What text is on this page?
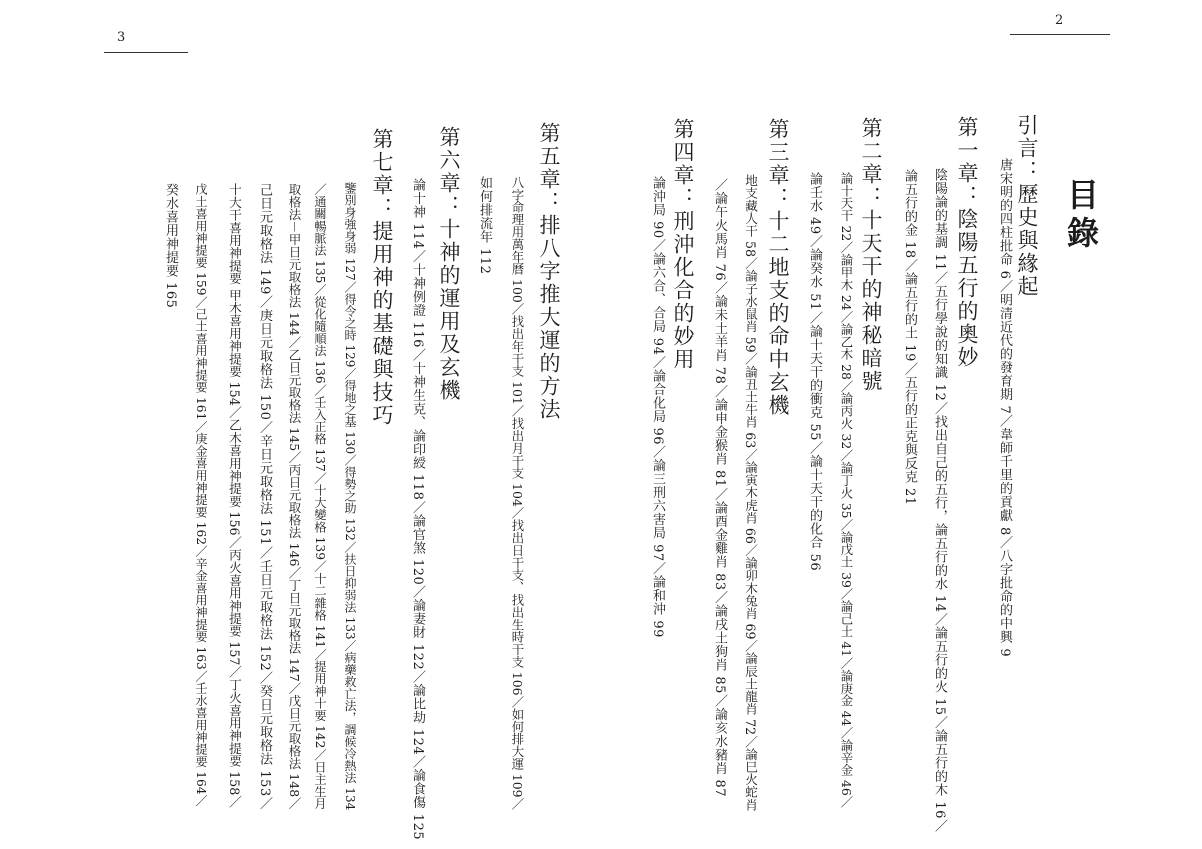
3
2
目錄
引言：歷史與緣起
唐宋明的四柱批命 6／明清近代的發育期 7／韋師千里的貢獻 8／八字批命的中興 9
第一章：陰陽五行的奧妙
陰陽論的基調 11／五行學說的知識 12／找出自己的五行，論五行的水 14／論五行的火 15／論五行的木 16／
論五行的金 18／論五行的土 19／五行的正克與反克 21
第二章：十天干的神秘暗號
論十天干 22／論甲木 24／論乙木 28／論丙火 32／論丁火 35／論戊土 39／論己土 41／論庚金 44／論辛金 46／
論壬水 49／論癸水 51／論十天干的衝克 55／論十天干的化合 56
第三章：十二地支的命中玄機
地支藏人干 58／論子水鼠肖 59／論丑土牛肖 63／論寅木虎肖 66／論卯木兔肖 69／論辰土龍肖 72／論巳火蛇肖
／論午火馬肖 76／論未土羊肖 78／論申金猴肖 81／論酉金雞肖 83／論戌土狗肖 85／論亥水豬肖 87
第四章：刑沖化合的妙用
論沖局 90／論六合、合局 94／論合化局 96／論三刑六害局 97／論和沖 99
第五章：排八字推大運的方法
八字命理用萬年曆 100／找出年干支 101／找出月干支 104／找出日干支、找出生時干支 106／如何排大運 109／
如何排流年 112
第六章：十神的運用及玄機
論十神 114／十神例證 116／十神生克、論印綬 118／論官煞 120／論妻財 122／論比劫 124／論食傷 125
第七章：提用神的基礎與技巧
鑒別身強身弱 127／得令之時 129／得地之基 130／得勢之助 132／扶日抑弱法 133／病藥救亡法，調候冷熱法 134
／通關暢脈法 135／從化隨順法 136／壬入正格 137／十大變格 139／十二雜格 141／提用神十要 142／日主生月
取格法－甲日元取格法 144／乙日元取格法 145／丙日元取格法 146／丁日元取格法 147／戊日元取格法 148／
己日元取格法 149／庚日元取格法 150／辛日元取格法 151／壬日元取格法 152／癸日元取格法 153／
十大干喜用神提要 甲木喜用神提要 154／乙木喜用神提要 156／丙火喜用神提要 157／丁火喜用神提要 158／
戊土喜用神提要 159／己土喜用神提要 161／庚金喜用神提要 162／辛金喜用神提要 163／壬水喜用神提要 164／
癸水喜用神提要 165
